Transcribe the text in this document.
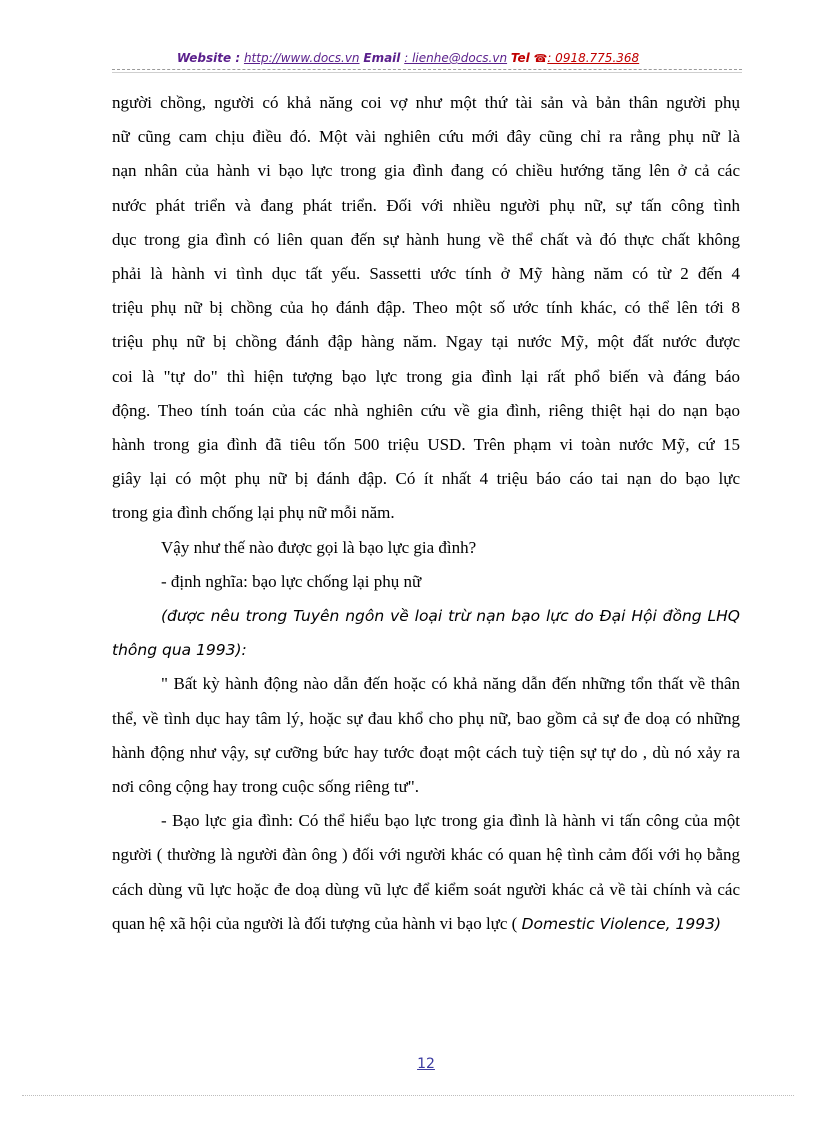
Website : http://www.docs.vn Email : lienhe@docs.vn Tel ☎: 0918.775.368

người chồng, người có khả năng coi vợ như một thứ tài sản và bản thân người phụ

nữ cũng cam chịu điều đó. Một vài nghiên cứu mới đây cũng chỉ ra rằng phụ nữ là

nạn nhân của hành vi bạo lực trong gia đình đang có chiều hướng tăng lên ở cả các

nước phát triển và đang phát triển. Đối với nhiều người phụ nữ, sự tấn công tình

dục trong gia đình có liên quan đến sự hành hung về thể chất và đó thực chất không

phải là hành vi tình dục tất yếu. Sassetti ước tính ở Mỹ hàng năm có từ 2 đến 4

triệu phụ nữ bị chồng của họ đánh đập. Theo một số ước tính khác, có thể lên tới 8

triệu phụ nữ bị chồng đánh đập hàng năm. Ngay tại nước Mỹ, một đất nước được

coi là "tự do" thì hiện tượng bạo lực trong gia đình lại rất phổ biến và đáng báo

động. Theo tính toán của các nhà nghiên cứu về gia đình, riêng thiệt hại do nạn bạo

hành trong gia đình đã tiêu tốn 500 triệu USD. Trên phạm vi toàn nước Mỹ, cứ 15

giây lại có một phụ nữ bị đánh đập. Có ít nhất 4 triệu báo cáo tai nạn do bạo lực

trong gia đình chống lại phụ nữ mỗi năm.

Vậy như thế nào được gọi là bạo lực gia đình?

- định nghĩa: bạo lực chống lại phụ nữ

(được nêu trong Tuyên ngôn về loại trừ nạn bạo lực do Đại Hội đồng LHQ thông qua 1993):

" Bất kỳ hành động nào dẫn đến hoặc có khả năng dẫn đến những tổn thất về thân thể, về tình dục hay tâm lý, hoặc sự đau khổ cho phụ nữ, bao gồm cả sự đe doạ có những hành động như vậy, sự cưỡng bức hay tước đoạt một cách tuỳ tiện sự tự do , dù nó xảy ra nơi công cộng hay trong cuộc sống riêng tư".

- Bạo lực gia đình: Có thể hiểu bạo lực trong gia đình là hành vi tấn công của một người ( thường là người đàn ông ) đối với người khác có quan hệ tình cảm đối với họ bằng cách dùng vũ lực hoặc đe doạ dùng vũ lực để kiểm soát người khác cả về tài chính và các quan hệ xã hội của người là đối tượng của hành vi bạo lực ( Domestic Violence, 1993)

12
